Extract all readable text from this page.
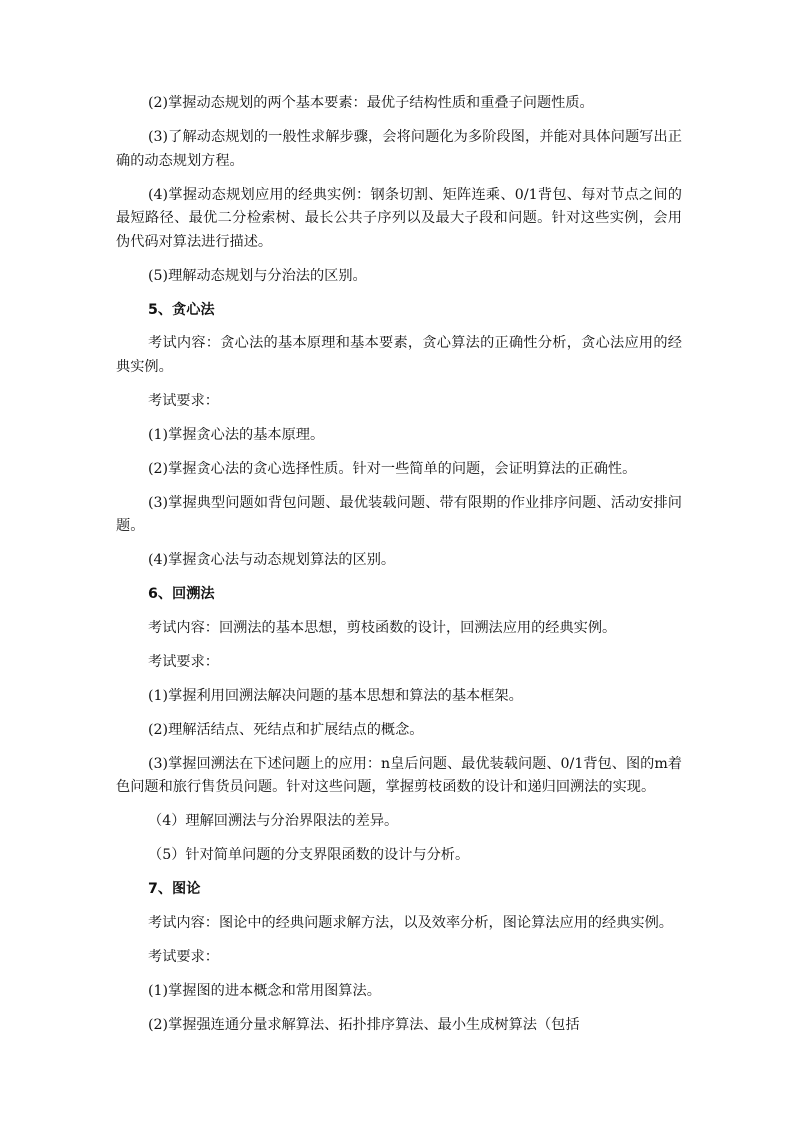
(2)掌握动态规划的两个基本要素：最优子结构性质和重叠子问题性质。

(3)了解动态规划的一般性求解步骤，会将问题化为多阶段图，并能对具体问题写出正确的动态规划方程。

(4)掌握动态规划应用的经典实例：钢条切割、矩阵连乘、0/1背包、每对节点之间的最短路径、最优二分检索树、最长公共子序列以及最大子段和问题。针对这些实例，会用伪代码对算法进行描述。

(5)理解动态规划与分治法的区别。

5、贪心法

考试内容：贪心法的基本原理和基本要素，贪心算法的正确性分析，贪心法应用的经典实例。

考试要求：

(1)掌握贪心法的基本原理。

(2)掌握贪心法的贪心选择性质。针对一些简单的问题，会证明算法的正确性。

(3)掌握典型问题如背包问题、最优装载问题、带有限期的作业排序问题、活动安排问题。

(4)掌握贪心法与动态规划算法的区别。

6、回溯法

考试内容：回溯法的基本思想，剪枝函数的设计，回溯法应用的经典实例。

考试要求：

(1)掌握利用回溯法解决问题的基本思想和算法的基本框架。

(2)理解活结点、死结点和扩展结点的概念。

(3)掌握回溯法在下述问题上的应用：n皇后问题、最优装载问题、0/1背包、图的m着色问题和旅行售货员问题。针对这些问题，掌握剪枝函数的设计和递归回溯法的实现。

（4）理解回溯法与分治界限法的差异。

（5）针对简单问题的分支界限函数的设计与分析。

7、图论

考试内容：图论中的经典问题求解方法，以及效率分析，图论算法应用的经典实例。

考试要求：

(1)掌握图的进本概念和常用图算法。

(2)掌握强连通分量求解算法、拓扑排序算法、最小生成树算法（包括
